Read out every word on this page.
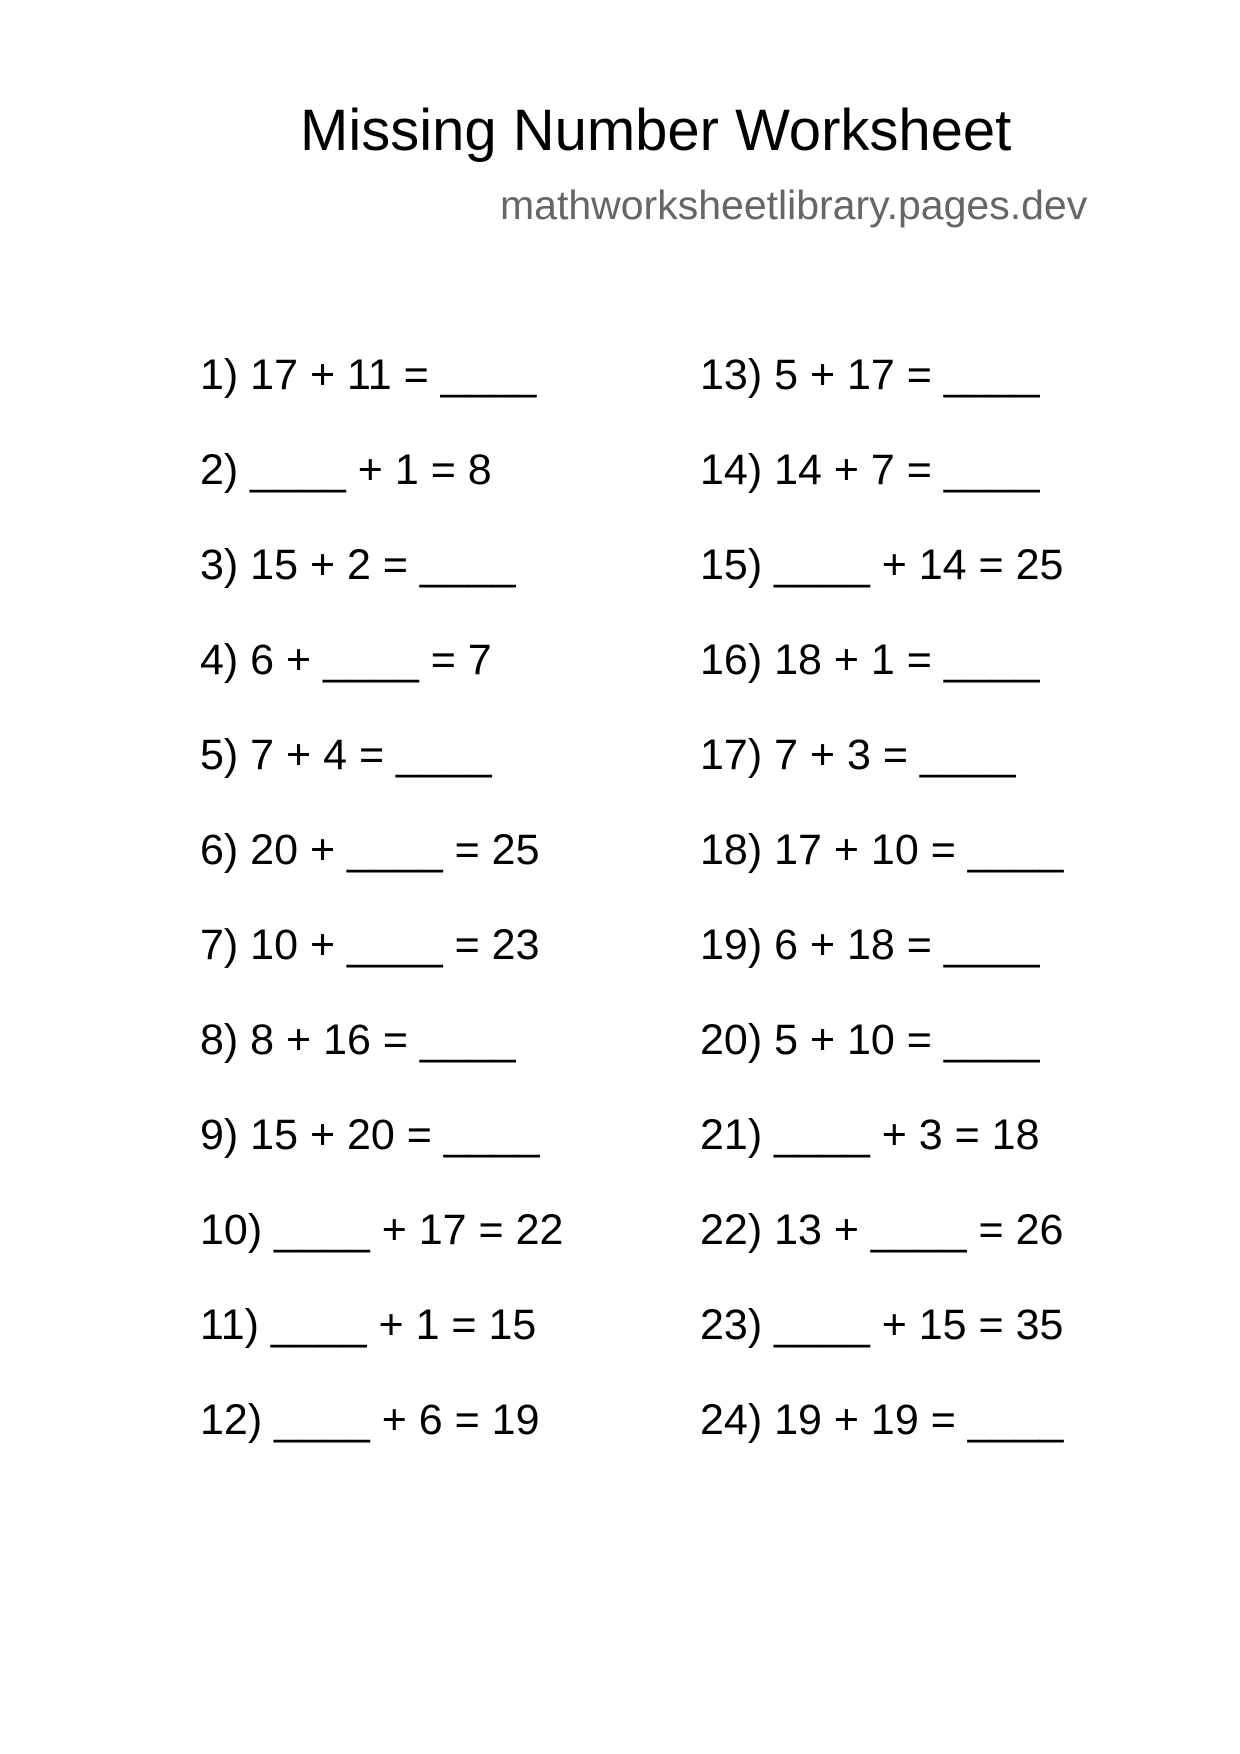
Missing Number Worksheet
mathworksheetlibrary.pages.dev
1) 17 + 11 = ____
2) ____ + 1 = 8
3) 15 + 2 = ____
4) 6 + ____ = 7
5) 7 + 4 = ____
6) 20 + ____ = 25
7) 10 + ____ = 23
8) 8 + 16 = ____
9) 15 + 20 = ____
10) ____ + 17 = 22
11) ____ + 1 = 15
12) ____ + 6 = 19
13) 5 + 17 = ____
14) 14 + 7 = ____
15) ____ + 14 = 25
16) 18 + 1 = ____
17) 7 + 3 = ____
18) 17 + 10 = ____
19) 6 + 18 = ____
20) 5 + 10 = ____
21) ____ + 3 = 18
22) 13 + ____ = 26
23) ____ + 15 = 35
24) 19 + 19 = ____
